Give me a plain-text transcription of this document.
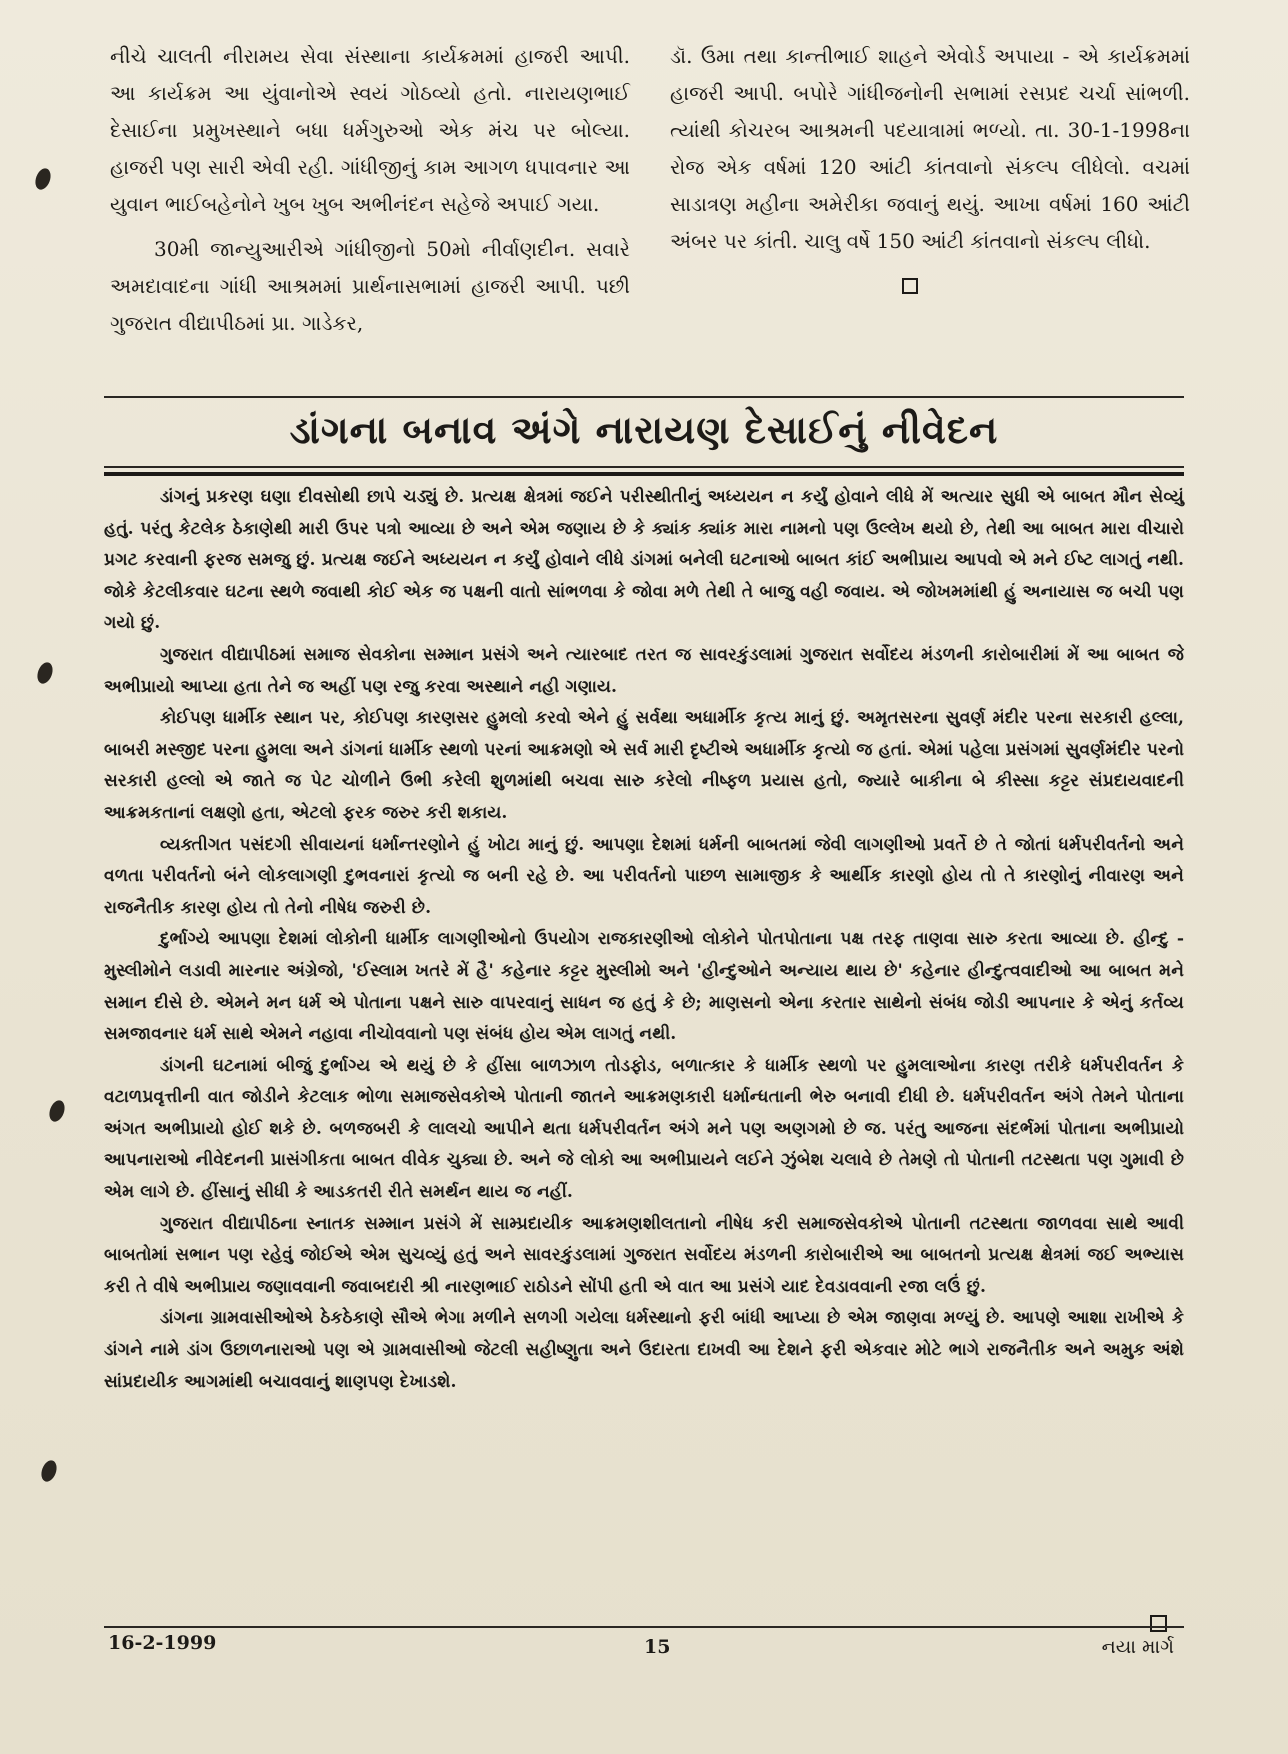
નીચે ચાલતી નીરામય સેવા સંસ્થાના કાર્યક્રમમાં હાજરી આપી. આ કાર્યક્રમ આ યુંવાનોએ સ્વયં ગોઠવ્યો હતો. નારાયણભાઈ દેસાઈના પ્રમુખસ્થાને બધા ધર્મગુરુઓ એક મંચ પર બોલ્યા. હાજરી પણ સારી એવી રહી. ગાંધીજીનું કામ આગળ ધપાવનાર આ યુવાન ભાઈબહેનોને ખુબ ખુબ અભીનંદન સહેજે અપાઈ ગયા.

30મી જાન્યુઆરીએ ગાંધીજીનો 50મો નીર્વાણદીન. સવારે અમદાવાદના ગાંધી આશ્રમમાં પ્રાર્થનાસભામાં હાજરી આપી. પછી ગુજરાત વીદ્યાપીઠમાં પ્રા. ગાડેકર,

ડૉ. ઉમા તથા કાન્તીભાઈ શાહને એવોર્ડ અપાયા - એ કાર્યક્રમમાં હાજરી આપી. બપોરે ગાંધીજનોની સભામાં રસપ્રદ ચર્ચા સાંભળી. ત્યાંથી કોચરબ આશ્રમની પદયાત્રામાં ભળ્યો. તા. 30-1-1998ના રોજ એક વર્ષમાં 120 આંટી કાંતવાનો સંકલ્પ લીધેલો. વચમાં સાડાત્રણ મહીના અમેરીકા જવાનું થયું. આખા વર્ષમાં 160 આંટી અંબર પર કાંતી. ચાલુ વર્ષે 150 આંટી કાંતવાનો સંકલ્પ લીધો.

ડાંગના બનાવ અંગે નારાયણ દેસાઈનું નીવેદન

ડાંગનું પ્રકરણ ઘણા દીવસોથી છાપે ચડ્યું છે. પ્રત્યક્ષ ક્ષેત્રમાં જઈને પરીસ્થીતીનું અધ્યયન ન કર્યું હોવાને લીધે મેં અત્યાર સુધી એ બાબત મૌન સેવ્યું હતું. પરંતુ કેટલેક ઠેકાણેથી મારી ઉપર પત્રો આવ્યા છે અને એમ જણાય છે કે ક્યાંક ક્યાંક મારા નામનો પણ ઉલ્લેખ થયો છે, તેથી આ બાબત મારા વીચારો પ્રગટ કરવાની ફરજ સમજુ છું. પ્રત્યક્ષ જઈને અધ્યયન ન કર્યું હોવાને લીધે ડાંગમાં બનેલી ઘટનાઓ બાબત કાંઈ અભીપ્રાય આપવો એ મને ઈષ્ટ લાગતું નથી. જોકે કેટલીકવાર ઘટના સ્થળે જવાથી કોઈ એક જ પક્ષની વાતો સાંભળવા કે જોવા મળે તેથી તે બાજુ વહી જવાય. એ જોખમમાંથી હું અનાયાસ જ બચી પણ ગયો છું.

ગુજરાત વીદ્યાપીઠમાં સમાજ સેવકોના સમ્માન પ્રસંગે અને ત્યારબાદ તરત જ સાવરકુંડલામાં ગુજરાત સર્વોદય મંડળની કારોબારીમાં મેં આ બાબત જે અભીપ્રાયો આપ્યા હતા તેને જ અહીં પણ રજુ કરવા અસ્થાને નહી ગણાય.

કોઈપણ ધાર્મીક સ્થાન પર, કોઈપણ કારણસર હુમલો કરવો એને હું સર્વથા અધાર્મીક કૃત્ય માનું છું. અમૃતસરના સુવર્ણ મંદીર પરના સરકારી હલ્લા, બાબરી મસ્જીદ પરના હુમલા અને ડાંગનાં ધાર્મીક સ્થળો પરનાં આક્રમણો એ સર્વ મારી દૃષ્ટીએ અધાર્મીક કૃત્યો જ હતાં. એમાં પહેલા પ્રસંગમાં સુવર્ણમંદીર પરનો સરકારી હલ્લો એ જાતે જ પેટ ચોળીને ઉભી કરેલી શુળમાંથી બચવા સારુ કરેલો નીષ્ફળ પ્રયાસ હતો, જ્યારે બાકીના બે કીસ્સા કટ્ટર સંપ્રદાયવાદની આક્રમકતાનાં લક્ષણો હતા, એટલો ફરક જરુર કરી શકાય.

વ્યક્તીગત પસંદગી સીવાયનાં ધર્માન્તરણોને હું ખોટા માનું છું. આપણા દેશમાં ધર્મની બાબતમાં જેવી લાગણીઓ પ્રવર્તે છે તે જોતાં ધર્મપરીવર્તનો અને વળતા પરીવર્તનો બંને લોકલાગણી દુભવનારાં કૃત્યો જ બની રહે છે. આ પરીવર્તનો પાછળ સામાજીક કે આર્થીક કારણો હોય તો તે કારણોનું નીવારણ અને રાજનૈતીક કારણ હોય તો તેનો નીષેધ જરુરી છે.

દુર્ભાગ્યે આપણા દેશમાં લોકોની ધાર્મીક લાગણીઓનો ઉપયોગ રાજકારણીઓ લોકોને પોતપોતાના પક્ષ તરફ તાણવા સારુ કરતા આવ્યા છે. હીન્દુ - મુસ્લીમોને લડાવી મારનાર અંગ્રેજો, 'ઈસ્લામ ખતરે મેં હૈ' કહેનાર કટ્ટર મુસ્લીમો અને 'હીન્દુઓને અન્યાય થાય છે' કહેનાર હીન્દુત્વવાદીઓ આ બાબત મને સમાન દીસે છે. એમને મન ધર્મ એ પોતાના પક્ષને સારુ વાપરવાનું સાધન જ હતું કે છે; માણસનો એના કરતાર સાથેનો સંબંધ જોડી આપનાર કે એનું કર્તવ્ય સમજાવનાર ધર્મ સાથે એમને નહાવા નીચોવવાનો પણ સંબંધ હોય એમ લાગતું નથી.

ડાંગની ઘટનામાં બીજું દુર્ભાગ્ય એ થયું છે કે હીંસા બાળઝાળ તોડફોડ, બળાત્કાર કે ધાર્મીક સ્થળો પર હુમલાઓના કારણ તરીકે ધર્મપરીવર્તન કે વટાળપ્રવૃત્તીની વાત જોડીને કેટલાક ભોળા સમાજસેવકોએ પોતાની જાતને આક્રમણકારી ધર્માન્ધતાની ભેરુ બનાવી દીધી છે. ધર્મપરીવર્તન અંગે તેમને પોતાના અંગત અભીપ્રાયો હોઈ શકે છે. બળજબરી કે લાલચો આપીને થતા ધર્મપરીવર્તન અંગે મને પણ અણગમો છે જ. પરંતુ આજના સંદર્ભમાં પોતાના અભીપ્રાયો આપનારાઓ નીવેદનની પ્રાસંગીકતા બાબત વીવેક ચુક્યા છે. અને જે લોકો આ અભીપ્રાયને લઈને ઝુંબેશ ચલાવે છે તેમણે તો પોતાની તટસ્થતા પણ ગુમાવી છે એમ લાગે છે. હીંસાનું સીધી કે આડકતરી રીતે સમર્થન થાય જ નહીં.

ગુજરાત વીદ્યાપીઠના સ્નાતક સમ્માન પ્રસંગે મેં સામ્પ્રદાયીક આક્રમણશીલતાનો નીષેધ કરી સમાજસેવકોએ પોતાની તટસ્થતા જાળવવા સાથે આવી બાબતોમાં સભાન પણ રહેવું જોઈએ એમ સુચવ્યું હતું અને સાવરકુંડલામાં ગુજરાત સર્વોદય મંડળની કારોબારીએ આ બાબતનો પ્રત્યક્ષ ક્ષેત્રમાં જઈ અભ્યાસ કરી તે વીષે અભીપ્રાય જણાવવાની જવાબદારી શ્રી નારણભાઈ રાઠોડને સોંપી હતી એ વાત આ પ્રસંગે યાદ દેવડાવવાની રજા લઉં છું.

ડાંગના ગ્રામવાસીઓએ ઠેકઠેકાણે સૌએ ભેગા મળીને સળગી ગયેલા ધર્મસ્થાનો ફરી બાંધી આપ્યા છે એમ જાણવા મળ્યું છે. આપણે આશા રાખીએ કે ડાંગને નામે ડાંગ ઉછાળનારાઓ પણ એ ગ્રામવાસીઓ જેટલી સહીષ્ણુતા અને ઉદારતા દાખવી આ દેશને ફરી એકવાર મોટે ભાગે રાજનૈતીક અને અમુક અંશે સાંપ્રદાયીક આગમાંથી બચાવવાનું શાણપણ દેખાડશે.

16-2-1999	15	નયા માર્ગ
